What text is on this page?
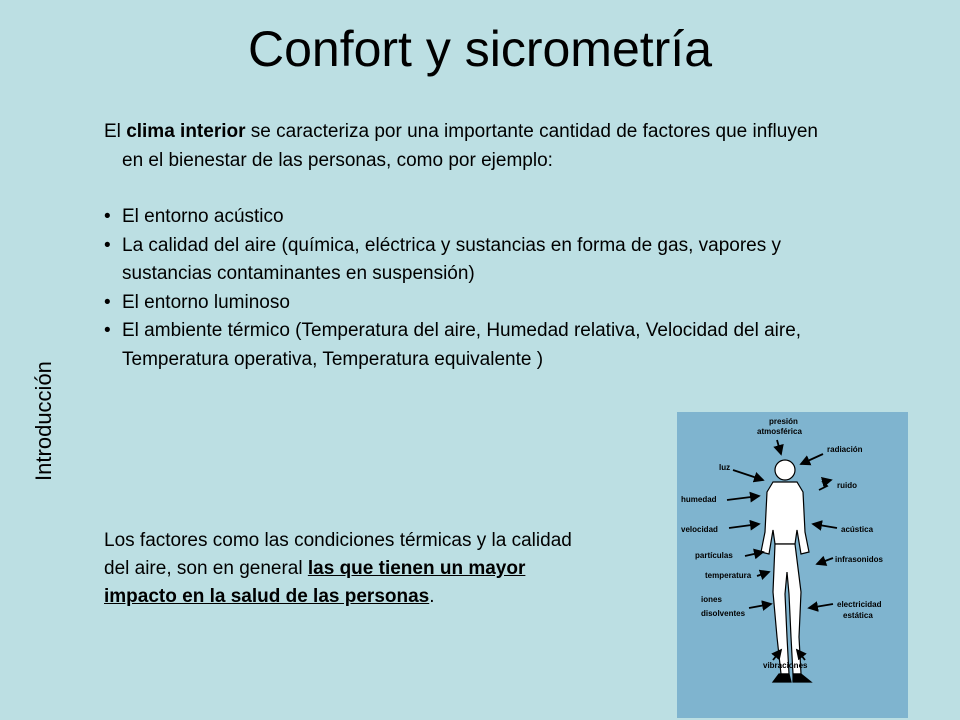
Confort y sicrometría
Introducción

El clima interior se caracteriza por una importante cantidad de factores que influyen en el bienestar de las personas, como por ejemplo:

• El entorno acústico
• La calidad del aire (química, eléctrica y sustancias en forma de gas, vapores y sustancias contaminantes en suspensión)
• El entorno luminoso
• El ambiente térmico (Temperatura del aire, Humedad relativa, Velocidad del aire, Temperatura operativa, Temperatura equivalente )
Los factores como las condiciones térmicas y la calidad del aire, son en general las que tienen un mayor impacto en la salud de las personas.
presión
atmosférica
radiación
luz
ruido
humedad
velocidad	acústica
partículas	infrasonidos
temperatura
iones
disolventes
electricidad
estática
vibraciones
